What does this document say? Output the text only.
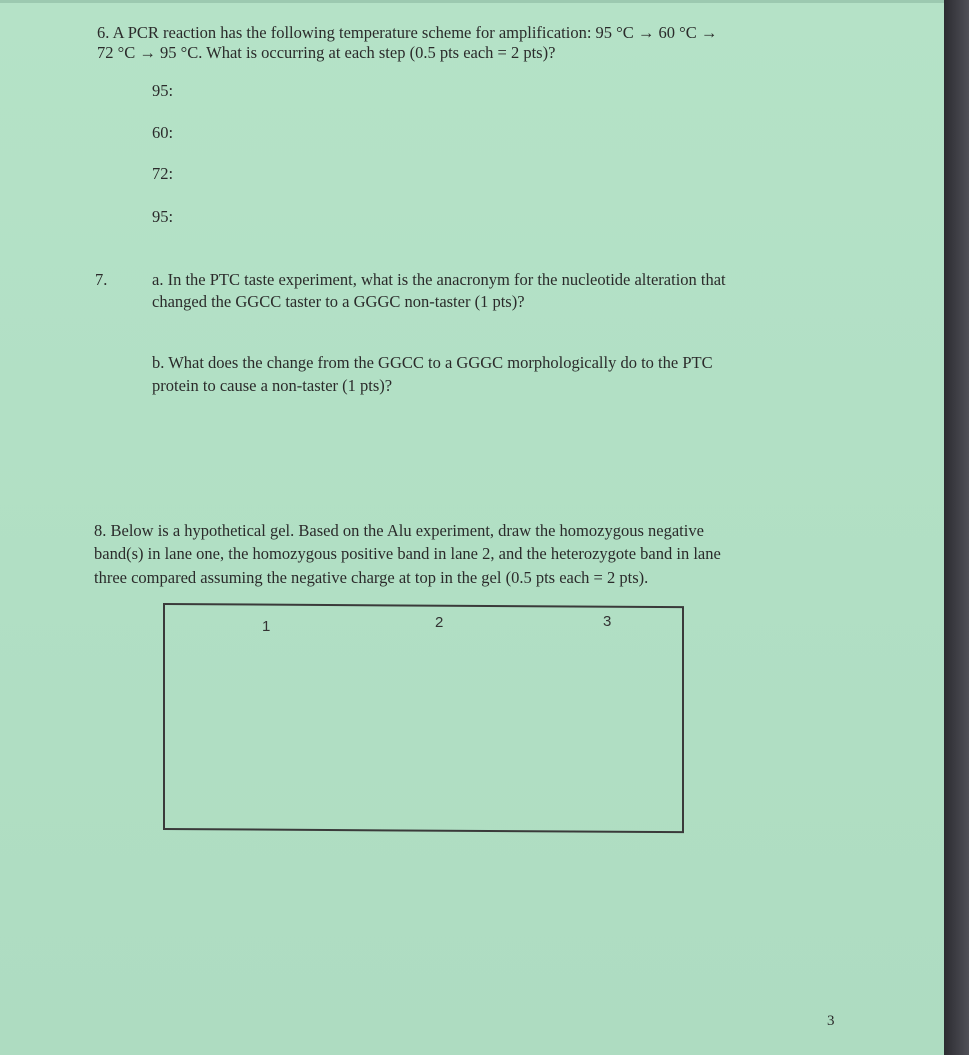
6. A PCR reaction has the following temperature scheme for amplification: 95 °C → 60 °C →
72 °C → 95 °C. What is occurring at each step (0.5 pts each = 2 pts)?
95:
60:
72:
95:
7.	a. In the PTC taste experiment, what is the anacronym for the nucleotide alteration that
changed the GGCC taster to a GGGC non-taster (1 pts)?
b. What does the change from the GGCC to a GGGC morphologically do to the PTC
protein to cause a non-taster (1 pts)?
8. Below is a hypothetical gel. Based on the Alu experiment, draw the homozygous negative
band(s) in lane one, the homozygous positive band in lane 2, and the heterozygote band in lane
three compared assuming the negative charge at top in the gel (0.5 pts each = 2 pts).
1	2	3
3
